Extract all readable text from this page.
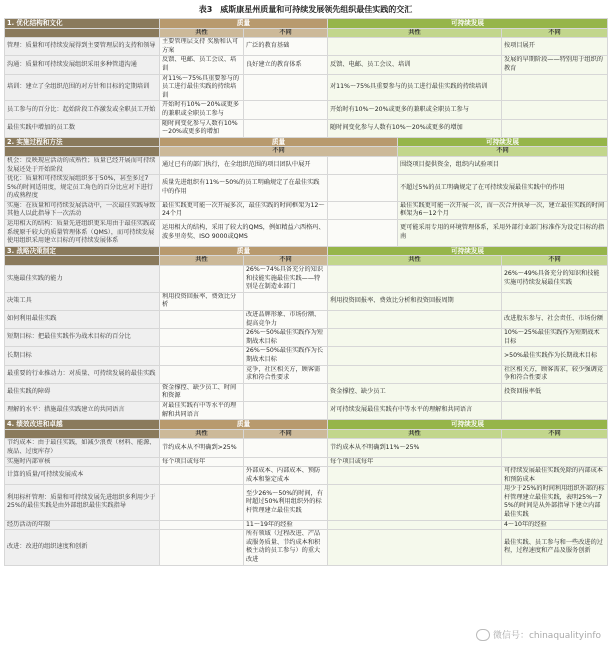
表3　威斯康星州质量和可持续发展领先组织最佳实践的交汇
1. 优化结构和文化	质量		可持续发展		
	共性	不同	共性		不同
管理：质量和可持续发展得到主要管理层的支持和领导	主要管理层支持 奖励和认可方案	广泛的教育基础			按项目展开
沟通：质量和可持续发展组织采用多种管道沟通	反馈、电邮、员工会议、培训	良好建立的教育体系	反馈、电邮、员工会议、培训		发展的早期阶段——特别用于组织的教育
培训：建立了全组织范围的对方针和目标的定期培训	对11%～75%具重要参与的员工进行最佳实践的持续培训		对11%～75%具重要参与的员工进行最佳实践的持续培训		
员工参与的百分比：起始阶段工作激发或全职员工开始	开始时有10%～20%或更多的兼职或全职员工参与		开始时有10%～20%或更多的兼职或全职员工参与		
最佳实践中增加的员工数	随时间变化参与人数有10%～20%或更多的增加		随时间变化参与人数有10%～20%或更多的增加		
2. 实施过程和方法	质量			可持续发展	
	不同			不同	
机会：反映现应活动的成熟性；质量已经开展而可持续发展还处于开始阶段	通过已有的部门执行，在全组织范围的项目团队中展开			围绕项目提供资金，组织内试验项目	
优化：质量和可持续发展组织多于50%，甚至多过75%的时间适用度，规定员工角色的百分比应对下进行的成熟程度	质量先进组织有11%～50%的员工明确规定了在最佳实践中的作用			不超过5%的员工明确规定了在可持续发展最佳实践中的作用	
实施：在质量和可持续发展活动中，一次最佳实践导致其他人以此指导下一次活动	最佳实践更可能一次开展多次，最佳实践的时间框架为12～24个月			最佳实践更可能一次开展一次，而一次合并执导一次，建立最佳实践的时间框架为6～12个月	
运用相大的结构：质量先进组织更采用由于最佳实践或系统原千较大的质量管理体系（QMS），而可持续发展使用组织采用建立目标的可持续发展体系	运用相大的结构，采用了较大的QMS，例如精益六西格玛、波多里奇奖、ISO 9000或QMS			更可能采用专用的环境管理体系，采用外部行业部门标准作为设定目标的指南	
3. 战略决策制定	质量		可持续发展		
	共性	不同	共性		不同
实施最佳实践的能力		26%～74%具备充分的知识和技能实施最佳实践——特别是在制造业部门			26%～49%具备充分的知识和技能实施可持续发展最佳实践
决策工具	利用投资回报率、费效比分析		利用投资回报率、费效比分析和投资回报周期		
如何利用最佳实践		改进品牌形象、市场份额、提高竞争力			改进股东参与、社会责任、市场份额
短期目标：把最佳实践作为战术目标的百分比		26%～50%最佳实践作为短期战术目标			10%～25%最佳实践作为短期战术目标
长期目标		26%～50%最佳实践作为长期战术目标			>50%最佳实践作为长期战术目标
最重要的行业推动力：对质量、可持续发展的最佳实践		竞争，社区相关方，顾客需求和符合性要求			社区相关方，顾客需求，较少强调竞争和符合性要求
最佳实践的障碍	资金撑控、缺少员工、时间和资源		资金撑控、缺少员工		投资回报率低
理解的水平：措施最佳实践建立的共同语言	对最佳实践有中等水平的理解和共同语言		对可持续发展最佳实践有中等水平的理解和共同语言		
4. 绩效改进和卓越	质量		可持续发展		
	共性	不同	共性		不同
节约成本：由于最佳实践，如减少浪费（材料、能源、废品、过度库存）	节约成本从不明确到>25%		节约成本从不明确到11%～25%		
实施时内部审核	每个项目或每年		每个项目或每年		
计算的质量/可持续发展成本		外部成本、内部成本、预防成本和鉴定成本			可持续发展最佳实践免除的内部成本和预防成本
利用标杆管理：质量和可持续发展先进组织多利用少于25%的最佳实践是由外部组织最佳实践指导		至少26%～50%的时间，有时超过50%利用组织外的标杆管理建立最佳实践			用少于25%的时间利用组织外部的标杆管理建立最佳实践，表明25%～75%的时间是从外部指导下建立内部最佳实践
经历活动的年限		11～19年的经验			4～10年的经验
改进：改进的组织速度和创新		所有领域（过程改进、产品或服务质量、节约成本和积极主动的员工参与）的重大改进			最佳实践、员工参与和一些改进的过程，过程速度和产品及服务创新
微信号：chinaqualityinfo
